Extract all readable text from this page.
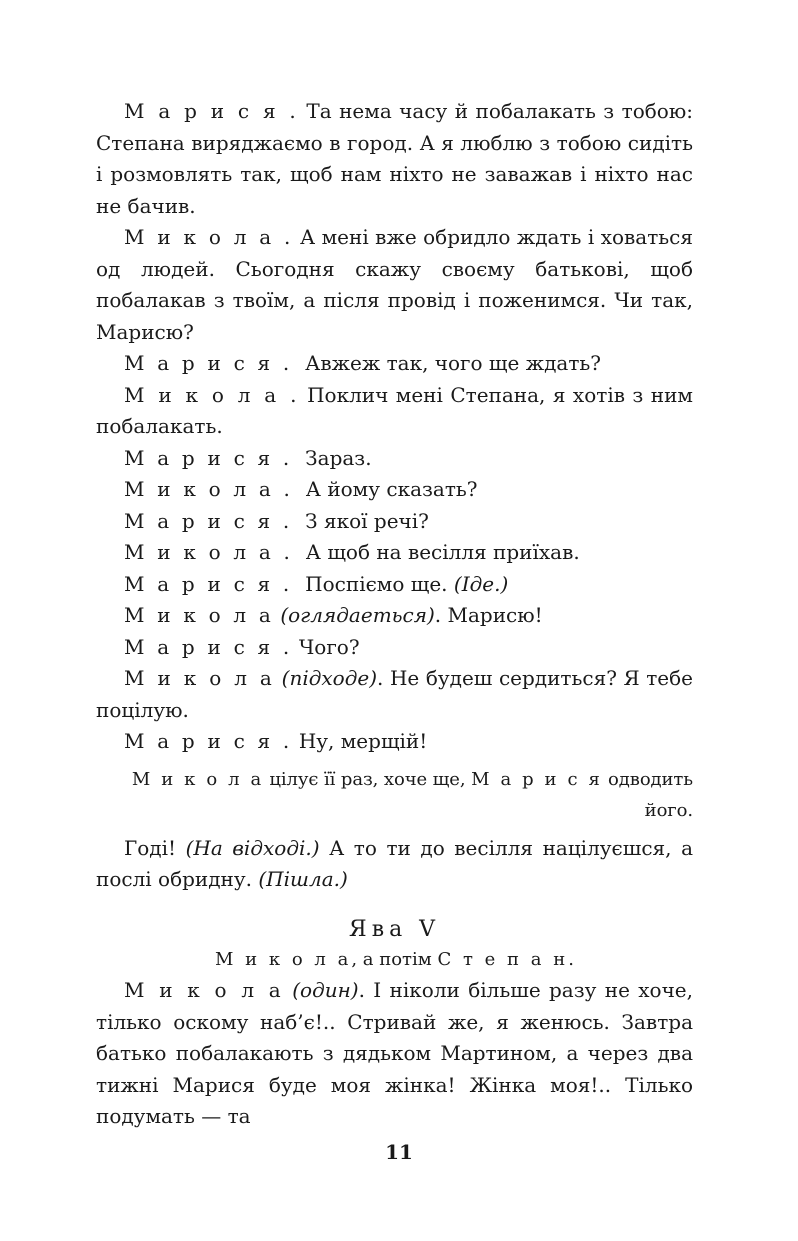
М а р и с я . Та нема часу й побалакать з тобою: Степана виряджаємо в город. А я люблю з тобою сидіть і розмовлять так, щоб нам ніхто не заважав і ніхто нас не бачив.

М и к о л а . А мені вже обридло ждать і ховаться од людей. Сьогодня скажу своєму батькові, щоб побалакав з твоїм, а після провід і поженимся. Чи так, Марисю?

М а р и с я .  Авжеж так, чого ще ждать?

М и к о л а . Поклич мені Степана, я хотів з ним побалакать.

М а р и с я .  Зараз.

М и к о л а .  А йому сказать?

М а р и с я .  З якої речі?

М и к о л а .  А щоб на весілля приїхав.

М а р и с я .  Поспіємо ще. (Іде.)

М и к о л а (оглядаеться). Марисю!

М а р и с я . Чого?

М и к о л а (підходе). Не будеш сердиться? Я тебе поцілую.

М а р и с я . Ну, мерщій!

М и к о л а цілує її раз, хоче ще, М а р и с я одводить його.

Годі! (На відході.) А то ти до весілля націлуєшся, а послі обридну. (Пішла.)

Ява V

М и к о л а, а потім С т е п а н.

М и к о л а (один). І ніколи більше разу не хоче, тілько оскому наб’є!.. Стривай же, я женюсь. Завтра батько побалакають з дядьком Мартином, а через два тижні Марися буде моя жінка! Жінка моя!.. Тілько подумать — та

11
